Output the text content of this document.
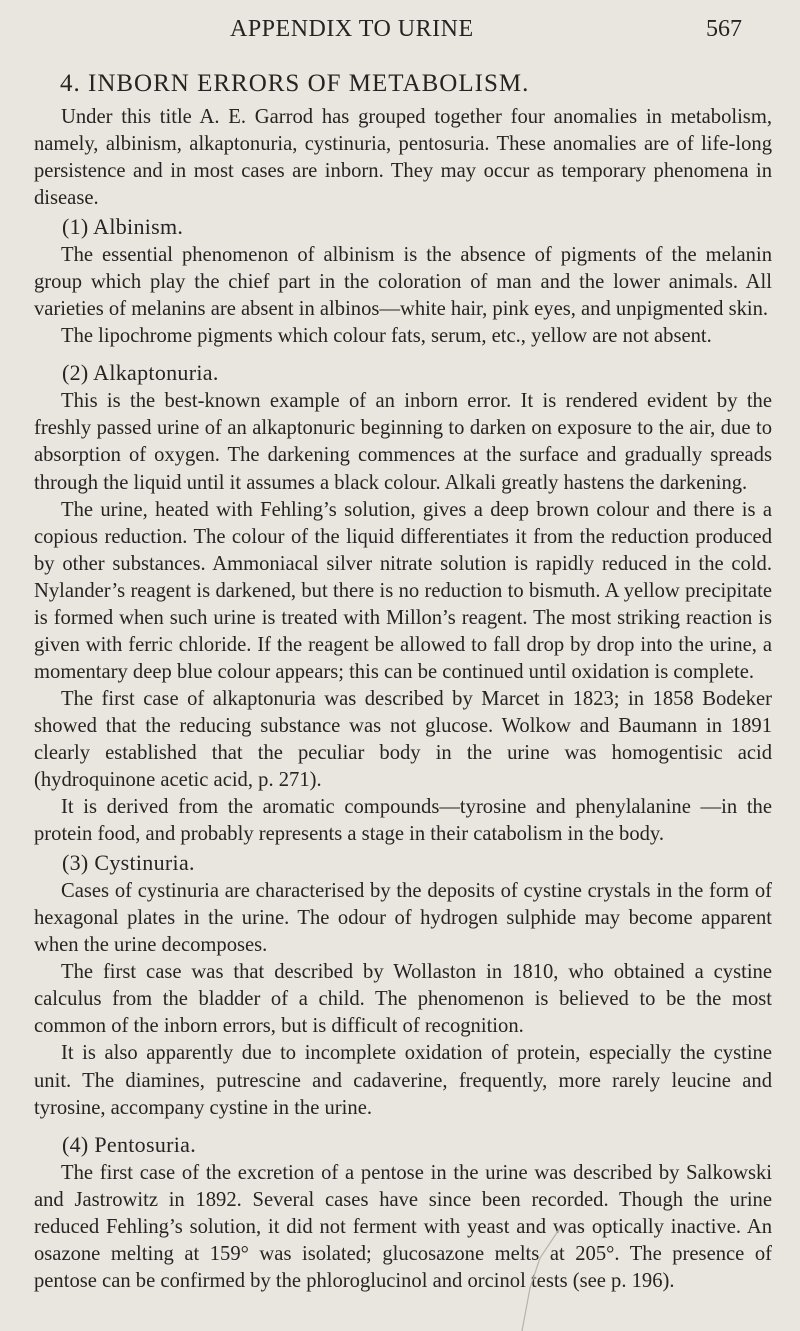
APPENDIX TO URINE	567
4. INBORN ERRORS OF METABOLISM.

Under this title A. E. Garrod has grouped together four anomalies in metabolism, namely, albinism, alkaptonuria, cystinuria, pentosuria. These anomalies are of life-long persistence and in most cases are inborn. They may occur as temporary phenomena in disease.

(1) Albinism.

The essential phenomenon of albinism is the absence of pigments of the melanin group which play the chief part in the coloration of man and the lower animals. All varieties of melanins are absent in albinos—white hair, pink eyes, and unpigmented skin.

The lipochrome pigments which colour fats, serum, etc., yellow are not absent.

(2) Alkaptonuria.

This is the best-known example of an inborn error. It is rendered evident by the freshly passed urine of an alkaptonuric beginning to darken on exposure to the air, due to absorption of oxygen. The darkening commences at the surface and gradually spreads through the liquid until it assumes a black colour. Alkali greatly hastens the darkening.

The urine, heated with Fehling’s solution, gives a deep brown colour and there is a copious reduction. The colour of the liquid differentiates it from the reduction produced by other substances. Ammoniacal silver nitrate solution is rapidly reduced in the cold. Nylander’s reagent is darkened, but there is no reduction to bismuth. A yellow precipitate is formed when such urine is treated with Millon’s reagent. The most striking reaction is given with ferric chloride. If the reagent be allowed to fall drop by drop into the urine, a momentary deep blue colour appears; this can be continued until oxidation is complete.

The first case of alkaptonuria was described by Marcet in 1823; in 1858 Bodeker showed that the reducing substance was not glucose. Wolkow and Baumann in 1891 clearly established that the peculiar body in the urine was homogentisic acid (hydroquinone acetic acid, p. 271).

It is derived from the aromatic compounds—tyrosine and phenylalanine —in the protein food, and probably represents a stage in their catabolism in the body.

(3) Cystinuria.

Cases of cystinuria are characterised by the deposits of cystine crystals in the form of hexagonal plates in the urine. The odour of hydrogen sulphide may become apparent when the urine decomposes.

The first case was that described by Wollaston in 1810, who obtained a cystine calculus from the bladder of a child. The phenomenon is believed to be the most common of the inborn errors, but is difficult of recognition.

It is also apparently due to incomplete oxidation of protein, especially the cystine unit. The diamines, putrescine and cadaverine, frequently, more rarely leucine and tyrosine, accompany cystine in the urine.

(4) Pentosuria.

The first case of the excretion of a pentose in the urine was described by Salkowski and Jastrowitz in 1892. Several cases have since been recorded. Though the urine reduced Fehling’s solution, it did not ferment with yeast and was optically inactive. An osazone melting at 159° was isolated; glucosazone melts at 205°. The presence of pentose can be confirmed by the phloroglucinol and orcinol tests (see p. 196).
